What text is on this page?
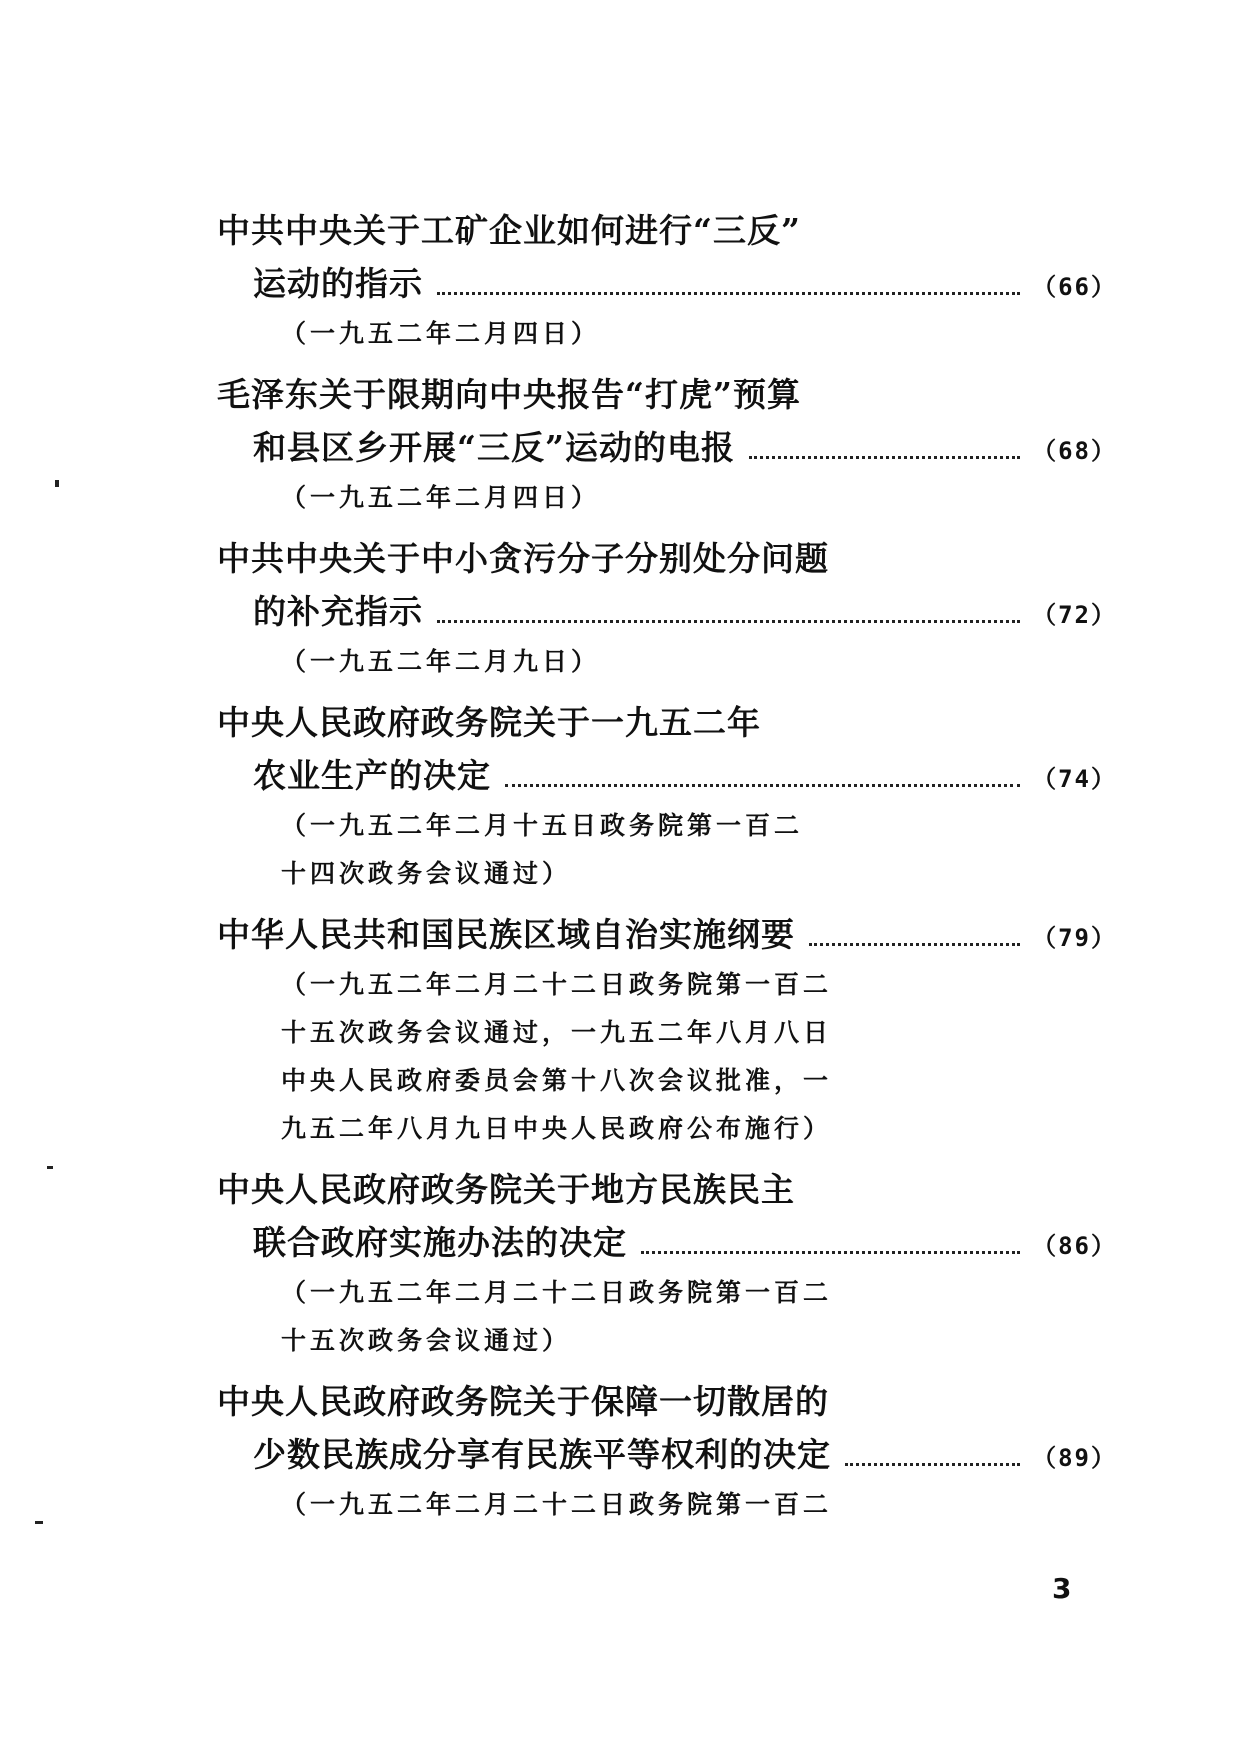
中共中央关于工矿企业如何进行“三反”
运动的指示	（66）
（一九五二年二月四日）
毛泽东关于限期向中央报告“打虎”预算
和县区乡开展“三反”运动的电报	（68）
（一九五二年二月四日）
中共中央关于中小贪污分子分别处分问题
的补充指示	（72）
（一九五二年二月九日）
中央人民政府政务院关于一九五二年
农业生产的决定	（74）
（一九五二年二月十五日政务院第一百二
十四次政务会议通过）
中华人民共和国民族区域自治实施纲要	（79）
（一九五二年二月二十二日政务院第一百二
十五次政务会议通过，一九五二年八月八日
中央人民政府委员会第十八次会议批准，一
九五二年八月九日中央人民政府公布施行）
中央人民政府政务院关于地方民族民主
联合政府实施办法的决定	（86）
（一九五二年二月二十二日政务院第一百二
十五次政务会议通过）
中央人民政府政务院关于保障一切散居的
少数民族成分享有民族平等权利的决定	（89）
（一九五二年二月二十二日政务院第一百二
3
